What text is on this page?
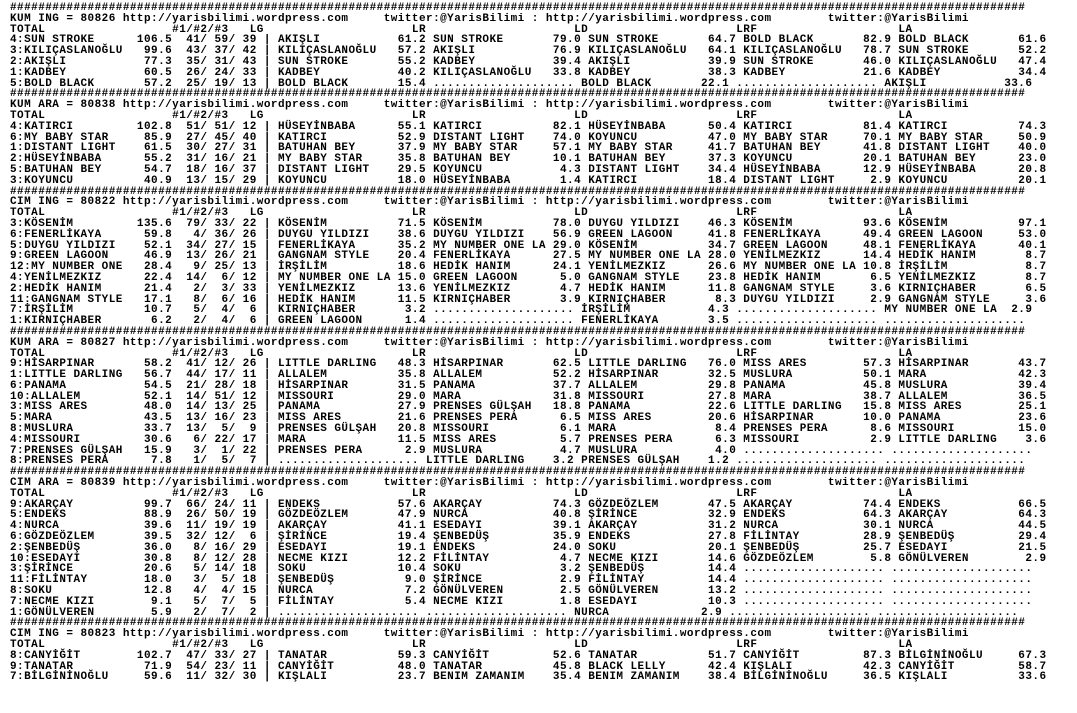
################################################################################################################################################
KUM ING = 80826 http://yarisbilimi.wordpress.com     twitter:@YarisBilimi : http://yarisbilimi.wordpress.com        twitter:@YarisBilimi
TOTAL                  #1/#2/#3   LG                     LR                     LD                     LRF                    LA
4:SUN STROKE      106.5  41/ 59/ 39 | AKIŞLI           61.2 SUN STROKE       79.0 SUN STROKE       64.7 BOLD BLACK       82.9 BOLD BLACK       61.6
3:KILIÇASLANOĞLU   99.6  43/ 37/ 42 | KILIÇASLANOĞLU   57.2 AKIŞLI           76.9 KILIÇASLANOĞLU   64.1 KILIÇASLANOĞLU   78.7 SUN STROKE       52.2
2:AKIŞLI           77.3  35/ 31/ 43 | SUN STROKE       55.2 KADBEY           39.4 AKIŞLI           39.9 SUN STROKE       46.0 KILIÇASLANOĞLU   47.4
1:KADBEY           60.5  26/ 24/ 33 | KADBEY           40.2 KILIÇASLANOĞLU   33.8 KADBEY           38.3 KADBEY           21.6 KADBEY           34.4
5:BOLD BLACK       57.2  25/ 19/ 13 | BOLD BLACK       15.4 .................... BOLD BLACK       22.1 .................... AKIŞLI           33.6
################################################################################################################################################
KUM ARA = 80838 http://yarisbilimi.wordpress.com     twitter:@YarisBilimi : http://yarisbilimi.wordpress.com        twitter:@YarisBilimi
TOTAL                  #1/#2/#3   LG                     LR                     LD                     LRF                    LA
4:KATIRCI         102.8  51/ 51/ 12 | HÜSEYİNBABA      55.1 KATIRCI          82.1 HÜSEYİNBABA      50.4 KATIRCI          81.4 KATIRCI          74.3
6:MY BABY STAR     85.9  27/ 45/ 40 | KATIRCI          52.9 DISTANT LIGHT    74.0 KOYUNCU          47.0 MY BABY STAR     70.1 MY BABY STAR     50.9
1:DISTANT LIGHT    61.5  30/ 27/ 31 | BATUHAN BEY      37.9 MY BABY STAR     57.1 MY BABY STAR     41.7 BATUHAN BEY      41.8 DISTANT LIGHT    40.0
2:HÜSEYİNBABA      55.2  31/ 16/ 21 | MY BABY STAR     35.8 BATUHAN BEY      10.1 BATUHAN BEY      37.3 KOYUNCU          20.1 BATUHAN BEY      23.0
5:BATUHAN BEY      54.7  18/ 16/ 37 | DISTANT LIGHT    29.5 KOYUNCU           4.3 DISTANT LIGHT    34.4 HÜSEYİNBABA      12.9 HÜSEYİNBABA      20.8
3:KOYUNCU          40.9  13/ 15/ 29 | KOYUNCU          18.0 HÜSEYİNBABA       1.4 KATIRCI          18.4 DISTANT LIGHT     2.9 KOYUNCU          20.1
################################################################################################################################################
CIM ING = 80822 http://yarisbilimi.wordpress.com     twitter:@YarisBilimi : http://yarisbilimi.wordpress.com        twitter:@YarisBilimi
TOTAL                  #1/#2/#3   LG                     LR                     LD                     LRF                    LA
3:KÖSENİM         135.6  79/ 33/ 22 | KÖSENİM          71.5 KÖSENİM          78.0 DUYGU YILDIZI    46.3 KÖSENİM          93.6 KÖSENİM          97.1
6:FENERLİKAYA      59.8   4/ 36/ 26 | DUYGU YILDIZI    38.6 DUYGU YILDIZI    56.9 GREEN LAGOON     41.8 FENERLİKAYA      49.4 GREEN LAGOON     53.0
5:DUYGU YILDIZI    52.1  34/ 27/ 15 | FENERLİKAYA      35.2 MY NUMBER ONE LA 29.0 KÖSENİM          34.7 GREEN LAGOON     48.1 FENERLİKAYA      40.1
9:GREEN LAGOON     46.9  13/ 26/ 21 | GANGNAM STYLE    20.4 FENERLİKAYA      27.5 MY NUMBER ONE LA 28.0 YENİLMEZKIZ      14.4 HEDİK HANIM       8.7
12:MY NUMBER ONE   28.4   9/ 25/ 13 | İRŞİLİM          18.6 HEDİK HANIM      24.1 YENİLMEZKIZ      26.6 MY NUMBER ONE LA 10.8 İRŞİLİM           8.7
4:YENİLMEZKIZ      22.4  14/  6/ 12 | MY NUMBER ONE LA 15.0 GREEN LAGOON      5.0 GANGNAM STYLE    23.8 HEDİK HANIM       6.5 YENİLMEZKIZ       8.7
2:HEDİK HANIM      21.4   2/  3/ 33 | YENİLMEZKIZ      13.6 YENİLMEZKIZ       4.7 HEDİK HANIM      11.8 GANGNAM STYLE     3.6 KIRNIÇHABER       6.5
11:GANGNAM STYLE   17.1   8/  6/ 16 | HEDİK HANIM      11.5 KIRNIÇHABER       3.9 KIRNIÇHABER       8.3 DUYGU YILDIZI     2.9 GANGNAM STYLE     3.6
7:İRŞİLİM          10.7   5/  4/  6 | KIRNIÇHABER       3.2 .................... İRŞİLİM           4.3 .................... MY NUMBER ONE LA  2.9
1:KIRNIÇHABER       6.2   2/  4/  6 | GREEN LAGOON      1.4 .................... FENERLİKAYA       3.5 .................... ....................
################################################################################################################################################
KUM ARA = 80827 http://yarisbilimi.wordpress.com     twitter:@YarisBilimi : http://yarisbilimi.wordpress.com        twitter:@YarisBilimi
TOTAL                  #1/#2/#3   LG                     LR                     LD                     LRF                    LA
9:HİSARPINAR       58.2  41/ 12/ 26 | LITTLE DARLING   48.3 HİSARPINAR       62.5 LITTLE DARLING   76.0 MISS ARES        57.3 HİSARPINAR       43.7
1:LITTLE DARLING   56.7  44/ 17/ 11 | ALLALEM          35.8 ALLALEM          52.2 HİSARPINAR       32.5 MUSLURA          50.1 MARA             42.3
6:PANAMA           54.5  21/ 28/ 18 | HİSARPINAR       31.5 PANAMA           37.7 ALLALEM          29.8 PANAMA           45.8 MUSLURA          39.4
10:ALLALEM         52.1  14/ 51/ 12 | MISSOURI         29.0 MARA             31.8 MISSOURI         27.8 MARA             38.7 ALLALEM          36.5
3:MISS ARES        48.0  14/ 13/ 25 | PANAMA           27.9 PRENSES GÜLŞAH   18.8 PANAMA           22.6 LITTLE DARLING   15.8 MISS ARES        25.1
5:MARA             43.5  13/ 16/ 23 | MISS ARES        21.6 PRENSES PERA      6.5 MISS ARES        20.6 HİSARPINAR       10.0 PANAMA           23.6
8:MUSLURA          33.7  13/  5/  9 | PRENSES GÜLŞAH   20.8 MISSOURI          6.1 MARA              8.4 PRENSES PERA      8.6 MISSOURI         15.0
4:MISSOURI         30.6   6/ 22/ 17 | MARA             11.5 MISS ARES         5.7 PRENSES PERA      6.3 MISSOURI          2.9 LITTLE DARLING    3.6
7:PRENSES GÜLŞAH   15.9   3/  1/ 22 | PRENSES PERA      2.9 MUSLURA           4.7 MUSLURA           4.0 .................... ....................
8:PRENSES PERA      7.8   1/  5/  7 | .................... LITTLE DARLING    3.2 PRENSES GÜLŞAH    1.2 .................... ....................
################################################################################################################################################
CIM ARA = 80839 http://yarisbilimi.wordpress.com     twitter:@YarisBilimi : http://yarisbilimi.wordpress.com        twitter:@YarisBilimi
TOTAL                  #1/#2/#3   LG                     LR                     LD                     LRF                    LA
9:AKARÇAY          99.7  66/ 24/ 11 | ENDEKS           57.6 AKARÇAY          74.3 GÖZDEÖZLEM       47.5 AKARÇAY          74.4 ENDEKS           66.5
5:ENDEKS           88.9  26/ 50/ 19 | GÖZDEÖZLEM       47.9 NURCA            40.8 ŞİRİNCE          32.9 ENDEKS           64.3 AKARÇAY          64.3
4:NURCA            39.6  11/ 19/ 19 | AKARÇAY          41.1 ESEDAYI          39.1 AKARÇAY          31.2 NURCA            30.1 NURCA            44.5
6:GÖZDEÖZLEM       39.5  32/ 12/  6 | ŞİRİNCE          19.4 ŞENBEDÜŞ         35.9 ENDEKS           27.8 FİLİNTAY         28.9 ŞENBEDÜŞ         29.4
2:ŞENBEDÜŞ         36.0   8/ 16/ 29 | ESEDAYI          19.1 ENDEKS           24.0 SOKU             20.1 ŞENBEDÜŞ         25.7 ESEDAYI          21.5
10:ESEDAYI         30.8   8/ 12/ 28 | NECME KIZI       12.2 FİLİNTAY          4.7 NECME KIZI       14.6 GÖZDEÖZLEM        5.8 GÖNÜLVEREN        2.9
3:ŞİRİNCE          20.6   5/ 14/ 18 | SOKU             10.4 SOKU              3.2 ŞENBEDÜŞ         14.4 .................... ....................
11:FİLİNTAY        18.0   3/  5/ 18 | ŞENBEDÜŞ          9.0 ŞİRİNCE           2.9 FİLİNTAY         14.4 .................... ....................
8:SOKU             12.8   4/  4/ 15 | NURCA             7.2 GÖNÜLVEREN        2.5 GÖNÜLVEREN       13.2 .................... ....................
7:NECME KIZI        9.1   5/  7/  5 | FİLİNTAY          5.4 NECME KIZI        1.8 ESEDAYI          10.3 .................... ....................
1:GÖNÜLVEREN        5.9   2/  7/  2 | .................... .................... NURCA             2.9 .................... ....................
################################################################################################################################################
CIM ING = 80823 http://yarisbilimi.wordpress.com     twitter:@YarisBilimi : http://yarisbilimi.wordpress.com        twitter:@YarisBilimi
TOTAL                  #1/#2/#3   LG                     LR                     LD                     LRF                    LA
8:CANYİĞİT        102.7  47/ 33/ 27 | TANATAR          59.3 CANYİĞİT         52.6 TANATAR          51.7 CANYİĞİT         87.3 BİLGİNİNOĞLU     67.3
9:TANATAR          71.9  54/ 23/ 11 | CANYİĞİT         48.0 TANATAR          45.8 BLACK LELLY      42.4 KIŞLALI          42.3 CANYİĞİT         58.7
7:BİLGİNİNOĞLU     59.6  11/ 32/ 30 | KIŞLALI          23.7 BENIM ZAMANIM    35.4 BENIM ZAMANIM    38.4 BİLGİNİNOĞLU     36.5 KIŞLALI          33.6
